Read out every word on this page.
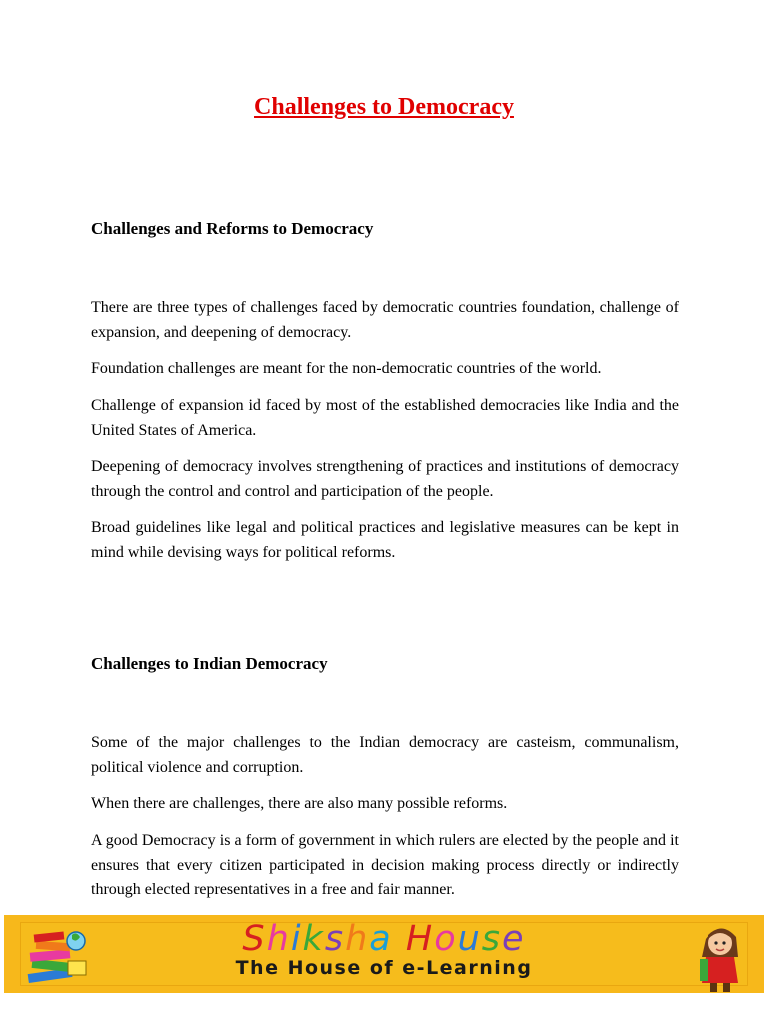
Challenges to Democracy
Challenges and Reforms to Democracy

There are three types of challenges faced by democratic countries foundation, challenge of expansion, and deepening of democracy.

Foundation challenges are meant for the non-democratic countries of the world.

Challenge of expansion id faced by most of the established democracies like India and the United States of America.

Deepening of democracy involves strengthening of practices and institutions of democracy through the control and control and participation of the people.

Broad guidelines like legal and political practices and legislative measures can be kept in mind while devising ways for political reforms.

Challenges to Indian Democracy

Some of the major challenges to the Indian democracy are casteism, communalism, political violence and corruption.

When there are challenges, there are also many possible reforms.

A good Democracy is a form of government in which rulers are elected by the people and it ensures that every citizen participated in decision making process directly or indirectly through elected representatives in a free and fair manner.

Shiksha House
The House of e-Learning
